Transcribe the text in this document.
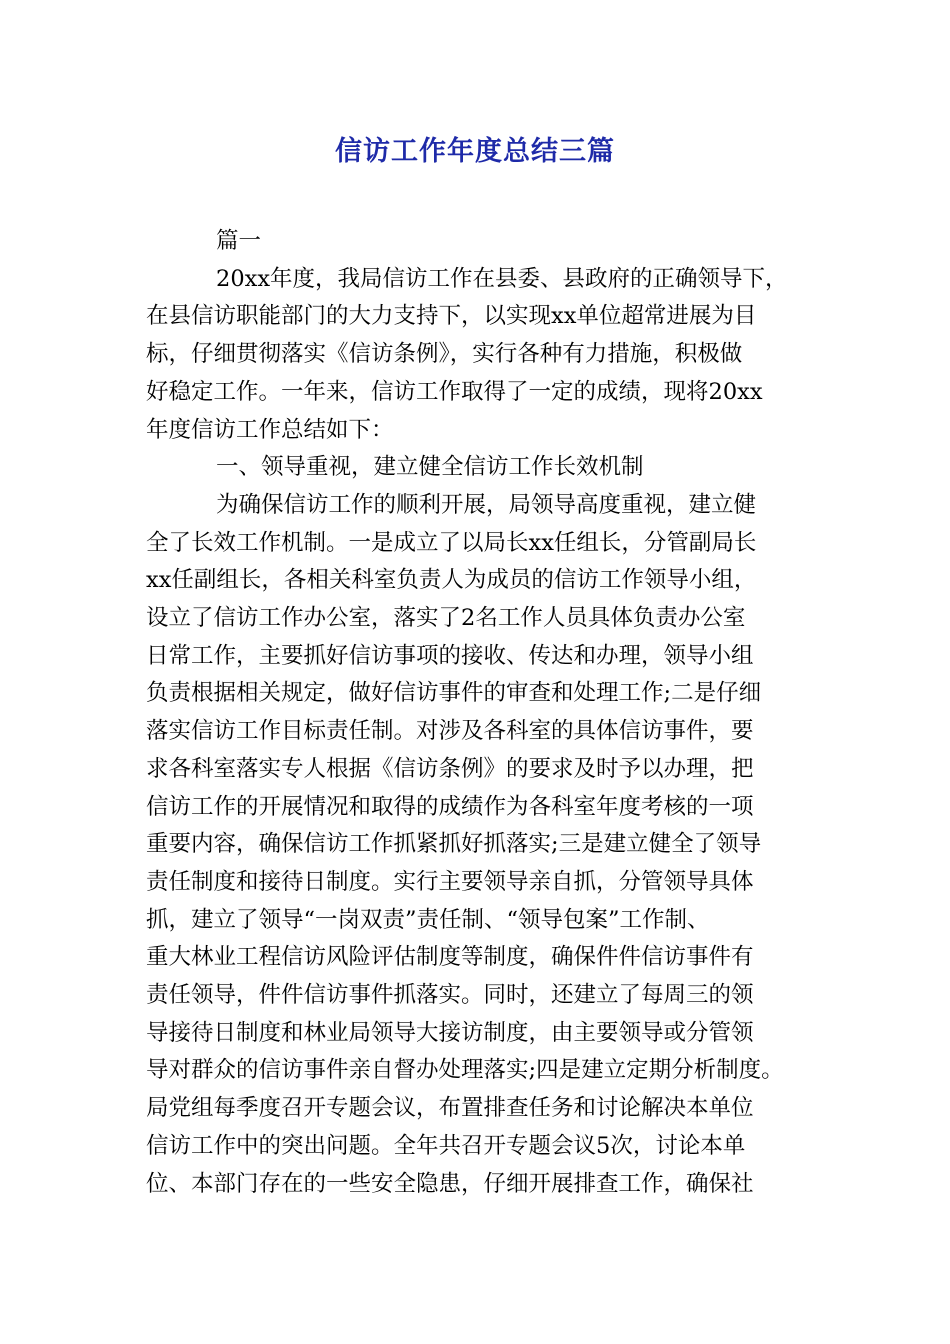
信访工作年度总结三篇
篇一
20xx年度，我局信访工作在县委、县政府的正确领导下，
在县信访职能部门的大力支持下，以实现xx单位超常进展为目
标，仔细贯彻落实《信访条例》，实行各种有力措施，积极做
好稳定工作。一年来，信访工作取得了一定的成绩，现将20xx
年度信访工作总结如下：
一、领导重视，建立健全信访工作长效机制
为确保信访工作的顺利开展，局领导高度重视，建立健
全了长效工作机制。一是成立了以局长xx任组长，分管副局长
xx任副组长，各相关科室负责人为成员的信访工作领导小组，
设立了信访工作办公室，落实了2名工作人员具体负责办公室
日常工作，主要抓好信访事项的接收、传达和办理，领导小组
负责根据相关规定，做好信访事件的审查和处理工作;二是仔细
落实信访工作目标责任制。对涉及各科室的具体信访事件，要
求各科室落实专人根据《信访条例》的要求及时予以办理，把
信访工作的开展情况和取得的成绩作为各科室年度考核的一项
重要内容，确保信访工作抓紧抓好抓落实;三是建立健全了领导
责任制度和接待日制度。实行主要领导亲自抓，分管领导具体
抓，建立了领导“一岗双责”责任制、“领导包案”工作制、
重大林业工程信访风险评估制度等制度，确保件件信访事件有
责任领导，件件信访事件抓落实。同时，还建立了每周三的领
导接待日制度和林业局领导大接访制度，由主要领导或分管领
导对群众的信访事件亲自督办处理落实;四是建立定期分析制度。
局党组每季度召开专题会议，布置排查任务和讨论解决本单位
信访工作中的突出问题。全年共召开专题会议5次，讨论本单
位、本部门存在的一些安全隐患，仔细开展排查工作，确保社
